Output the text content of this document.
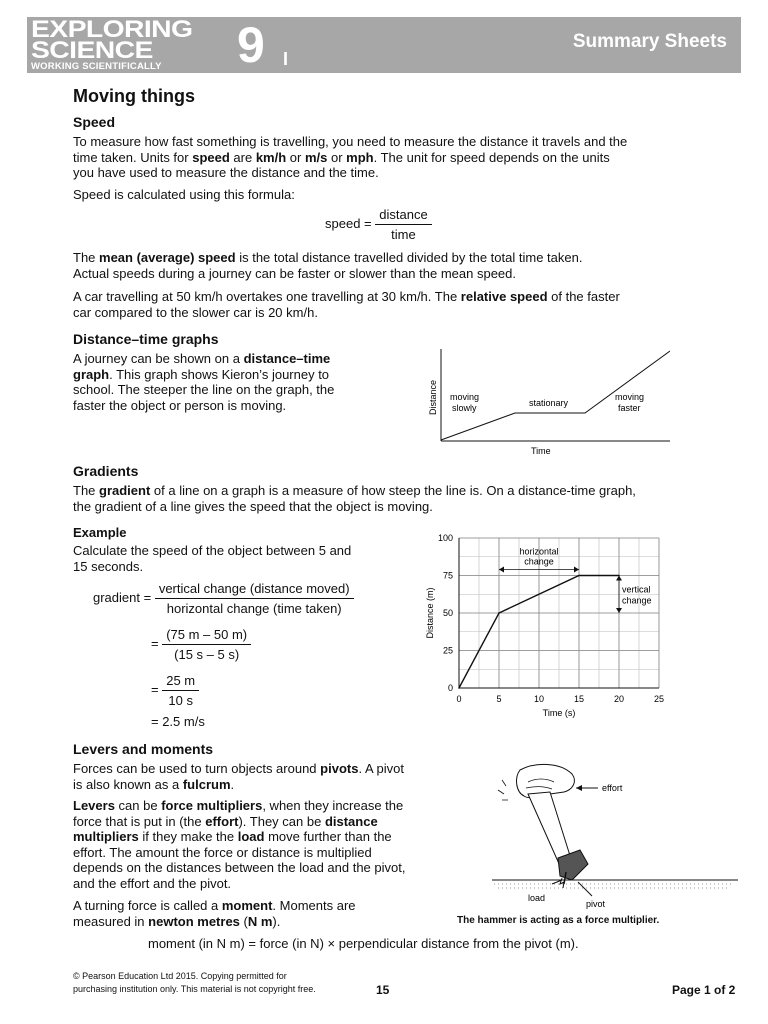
EXPLORING
SCIENCE
WORKING SCIENTIFICALLY 9 I
Summary Sheets
Moving things
Speed
To measure how fast something is travelling, you need to measure the distance it travels and the
time taken. Units for speed are km/h or m/s or mph. The unit for speed depends on the units
you have used to measure the distance and the time.
Speed is calculated using this formula:
speed = $\frac{\text{distance}}{\text{time}}$
The mean (average) speed is the total distance travelled divided by the total time taken.
Actual speeds during a journey can be faster or slower than the mean speed.
A car travelling at 50 km/h overtakes one travelling at 30 km/h. The relative speed of the faster
car compared to the slower car is 20 km/h.
Distance–time graphs
A journey can be shown on a distance–time
graph. This graph shows Kieron’s journey to
school. The steeper the line on the graph, the
faster the object or person is moving.
moving
slowly	stationary
moving
faster
Time
Distance
Gradients
The gradient of a line on a graph is a measure of how steep the line is. On a distance-time graph,
the gradient of a line gives the speed that the object is moving.
Example
Calculate the speed of the object between 5 and
15 seconds.
gradient = $\frac{\text{vertical change (distance moved)}}{\text{horizontal change (time taken)}}$
= $\frac{(75 m - 50 m)}{(15 s - 5 s)}$
= $\frac{25 m}{10 s}$
= 2.5 m/s
0	5	10	15	20	25
0
25
50
75
100
horizontal
change
vertical
change
Time (s)
Distance (m)
Levers and moments
Forces can be used to turn objects around pivots. A pivot
is also known as a fulcrum.
Levers can be force multipliers, when they increase the
force that is put in (the effort). They can be distance
multipliers if they make the load move further than the
effort. The amount the force or distance is multiplied
depends on the distances between the load and the pivot,
and the effort and the pivot.
A turning force is called a moment. Moments are
measured in newton metres (N m).
moment (in N m) = force (in N) × perpendicular distance from the pivot (m).
effort
load
pivot
The hammer is acting as a force multiplier.
© Pearson Education Ltd 2015. Copying permitted for
purchasing institution only. This material is not copyright free.	15	Page 1 of 2
